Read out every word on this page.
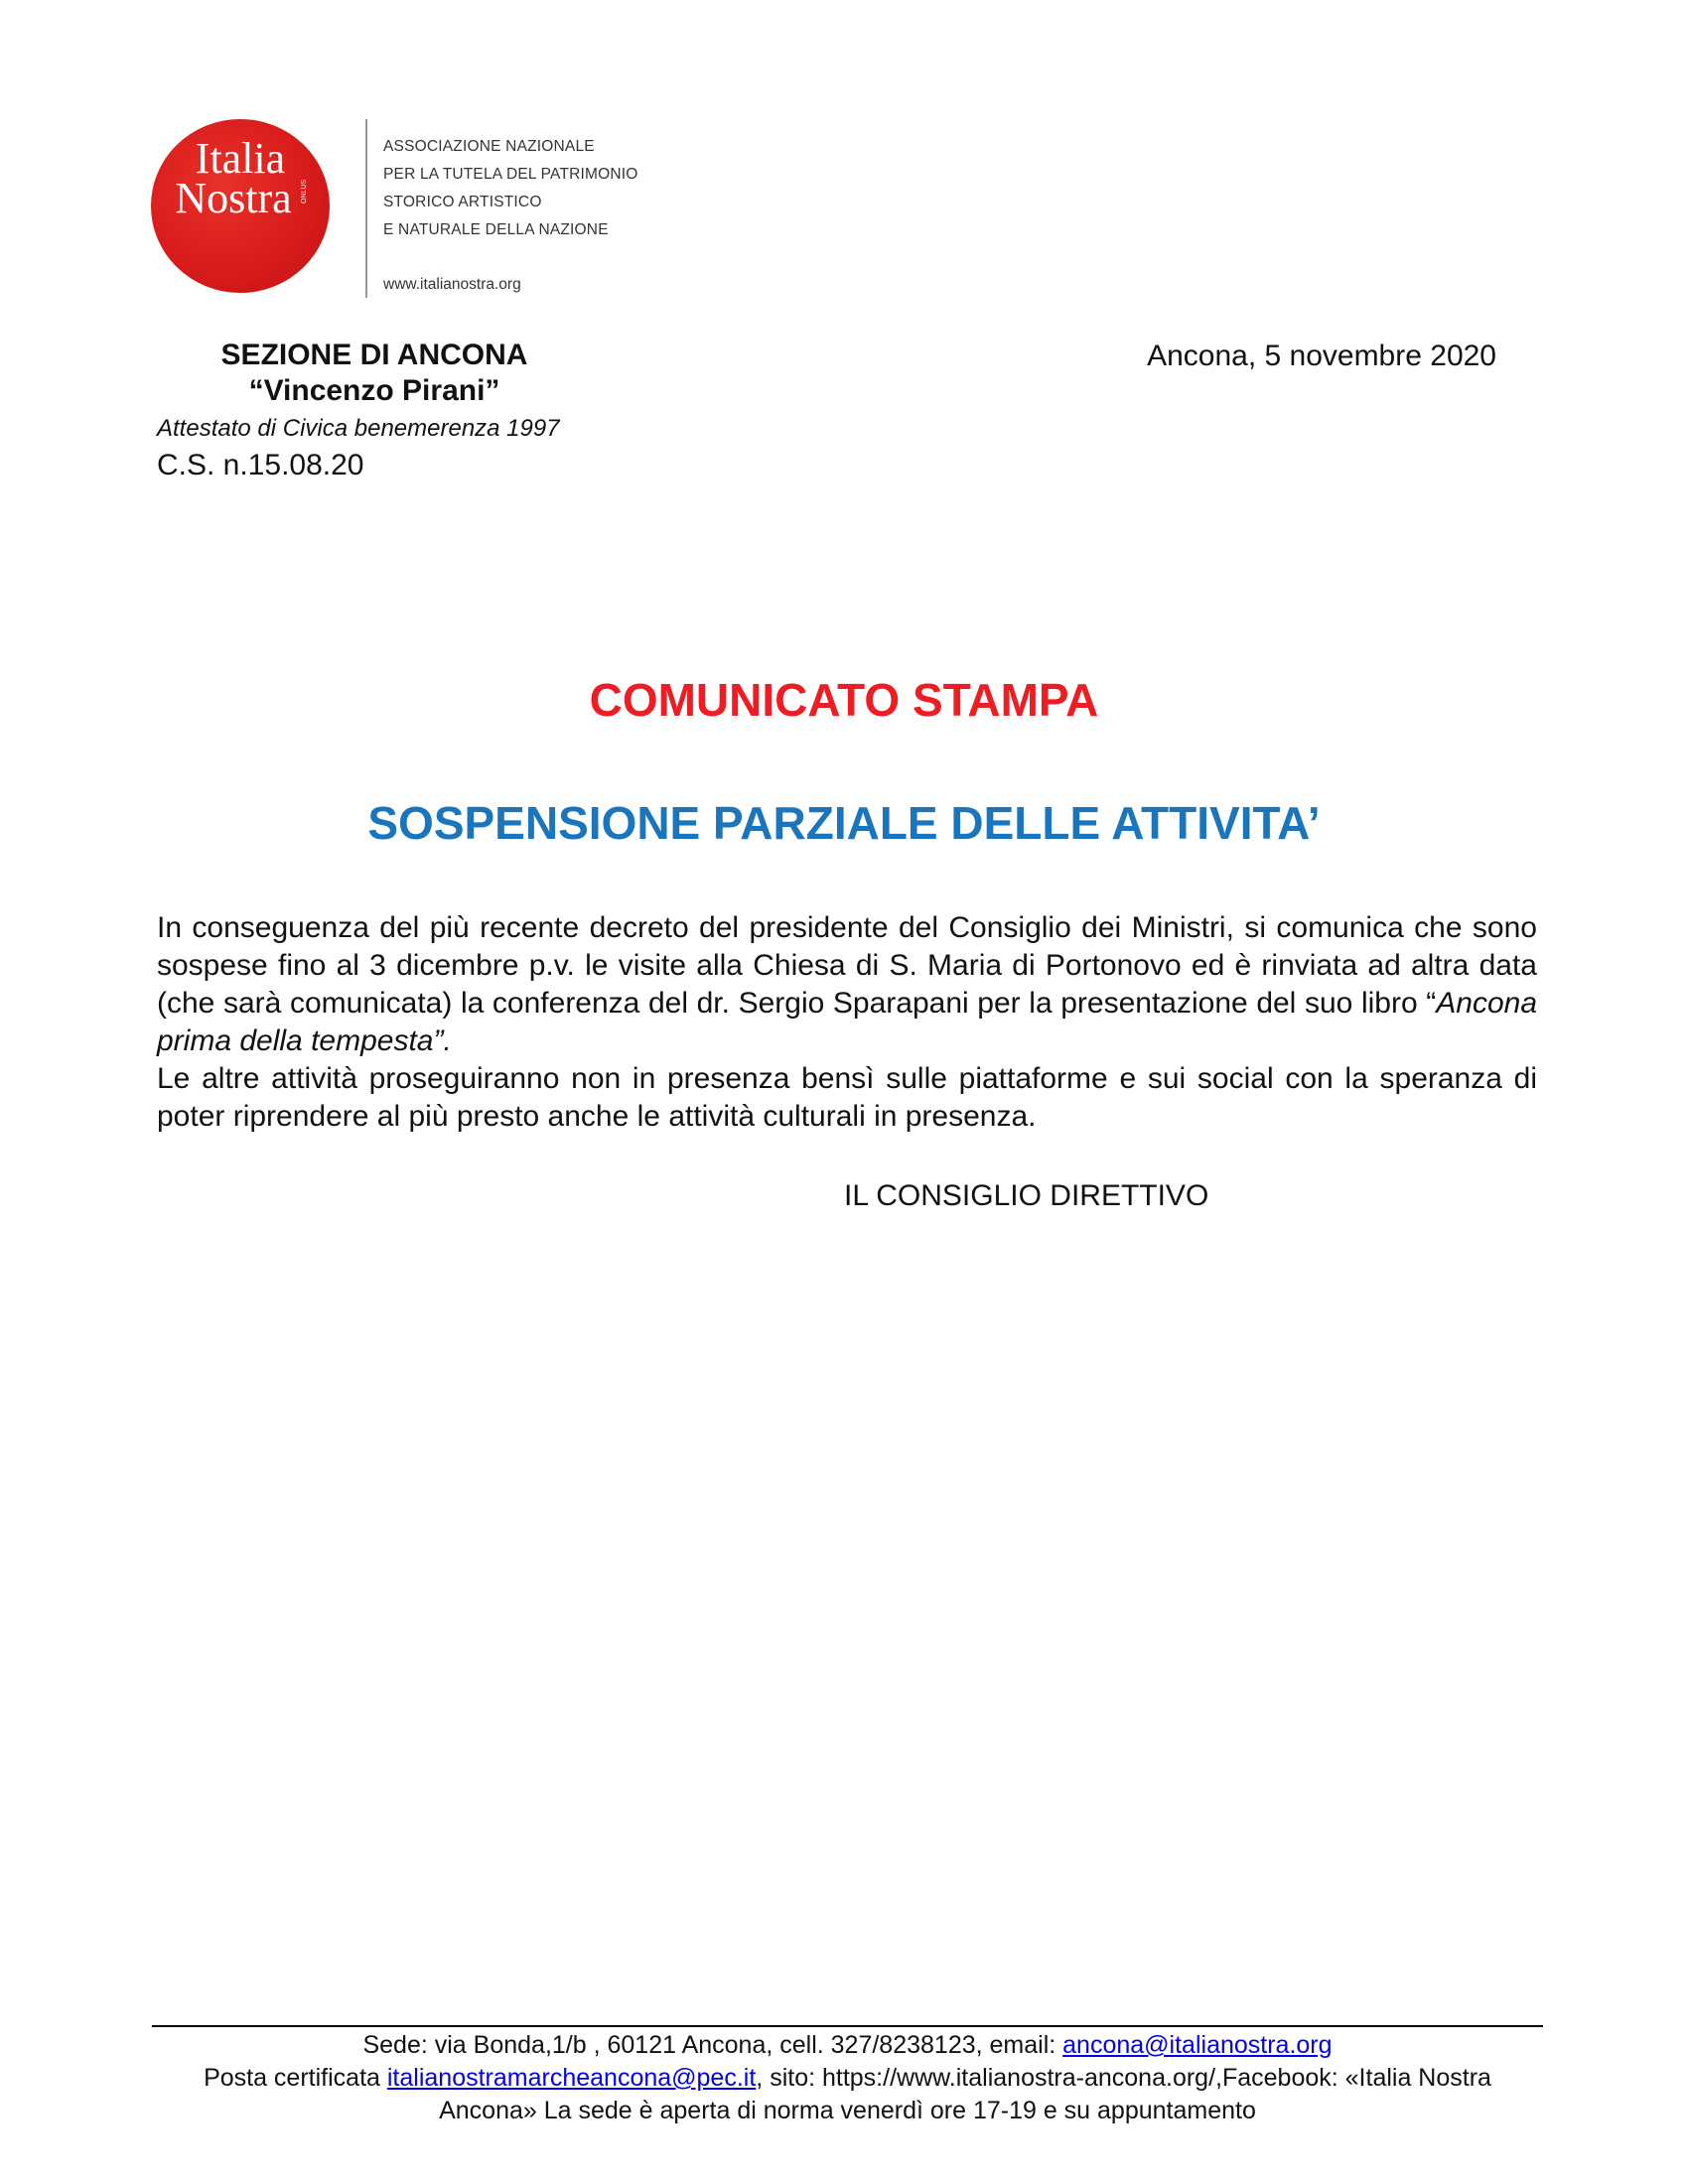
Italia
Nostra	ONLUS
ASSOCIAZIONE NAZIONALE
PER LA TUTELA DEL PATRIMONIO
STORICO ARTISTICO
E NATURALE DELLA NAZIONE
www.italianostra.org
SEZIONE DI ANCONA
“Vincenzo Pirani”
Attestato di Civica benemerenza 1997
C.S. n.15.08.20
Ancona, 5 novembre 2020
COMUNICATO STAMPA
SOSPENSIONE PARZIALE DELLE ATTIVITA’

In conseguenza del più recente decreto del presidente del Consiglio dei Ministri, si comunica che sono sospese fino al 3 dicembre p.v. le visite alla Chiesa di S. Maria di Portonovo ed è rinviata ad altra data (che sarà comunicata) la conferenza del dr. Sergio Sparapani per la presentazione del suo libro “Ancona prima della tempesta”.

Le altre attività proseguiranno non in presenza bensì sulle piattaforme e sui social con la speranza di poter riprendere al più presto anche le attività culturali in presenza.

IL CONSIGLIO DIRETTIVO
Sede: via Bonda,1/b , 60121 Ancona, cell. 327/8238123, email: ancona@italianostra.org
Posta certificata italianostramarcheancona@pec.it, sito: https://www.italianostra-ancona.org/,Facebook: «Italia Nostra Ancona» La sede è aperta di norma venerdì ore 17-19 e su appuntamento
